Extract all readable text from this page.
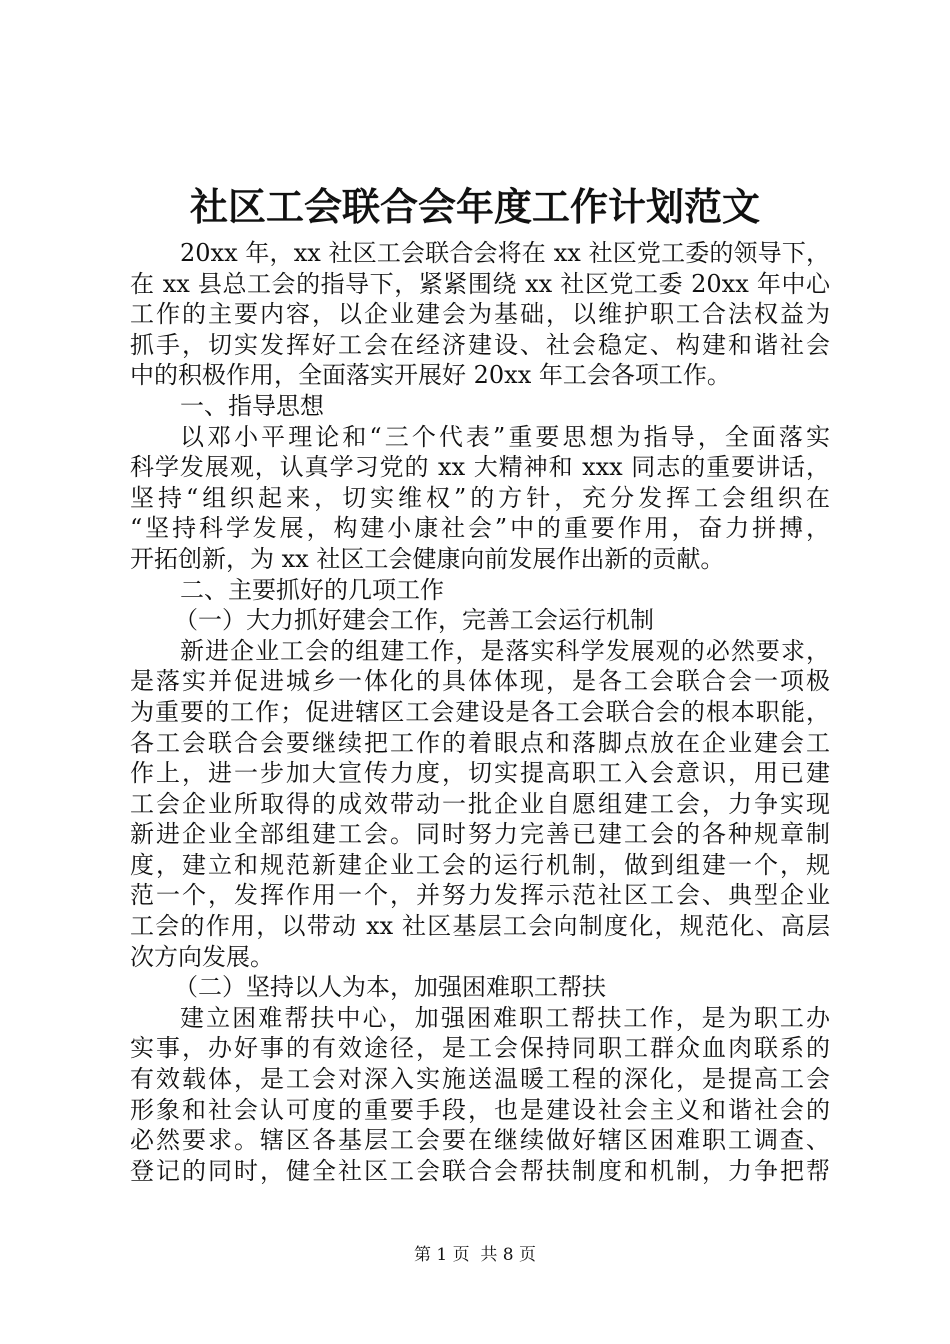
社区工会联合会年度工作计划范文
20xx 年，xx 社区工会联合会将在 xx 社区党工委的领导下，
在 xx 县总工会的指导下，紧紧围绕 xx 社区党工委 20xx 年中心
工作的主要内容，以企业建会为基础，以维护职工合法权益为
抓手，切实发挥好工会在经济建设、社会稳定、构建和谐社会
中的积极作用，全面落实开展好 20xx 年工会各项工作。
一、指导思想
以邓小平理论和“三个代表”重要思想为指导，全面落实
科学发展观，认真学习党的 xx 大精神和 xxx 同志的重要讲话，
坚持“组织起来，切实维权”的方针，充分发挥工会组织在
“坚持科学发展，构建小康社会”中的重要作用，奋力拼搏，
开拓创新，为 xx 社区工会健康向前发展作出新的贡献。
二、主要抓好的几项工作
（一）大力抓好建会工作，完善工会运行机制
新进企业工会的组建工作，是落实科学发展观的必然要求，
是落实并促进城乡一体化的具体体现，是各工会联合会一项极
为重要的工作；促进辖区工会建设是各工会联合会的根本职能，
各工会联合会要继续把工作的着眼点和落脚点放在企业建会工
作上，进一步加大宣传力度，切实提高职工入会意识，用已建
工会企业所取得的成效带动一批企业自愿组建工会，力争实现
新进企业全部组建工会。同时努力完善已建工会的各种规章制
度，建立和规范新建企业工会的运行机制，做到组建一个，规
范一个，发挥作用一个，并努力发挥示范社区工会、典型企业
工会的作用，以带动 xx 社区基层工会向制度化，规范化、高层
次方向发展。
（二）坚持以人为本，加强困难职工帮扶
建立困难帮扶中心，加强困难职工帮扶工作，是为职工办
实事，办好事的有效途径，是工会保持同职工群众血肉联系的
有效载体，是工会对深入实施送温暖工程的深化，是提高工会
形象和社会认可度的重要手段，也是建设社会主义和谐社会的
必然要求。辖区各基层工会要在继续做好辖区困难职工调查、
登记的同时，健全社区工会联合会帮扶制度和机制，力争把帮
第 1 页  共 8 页
